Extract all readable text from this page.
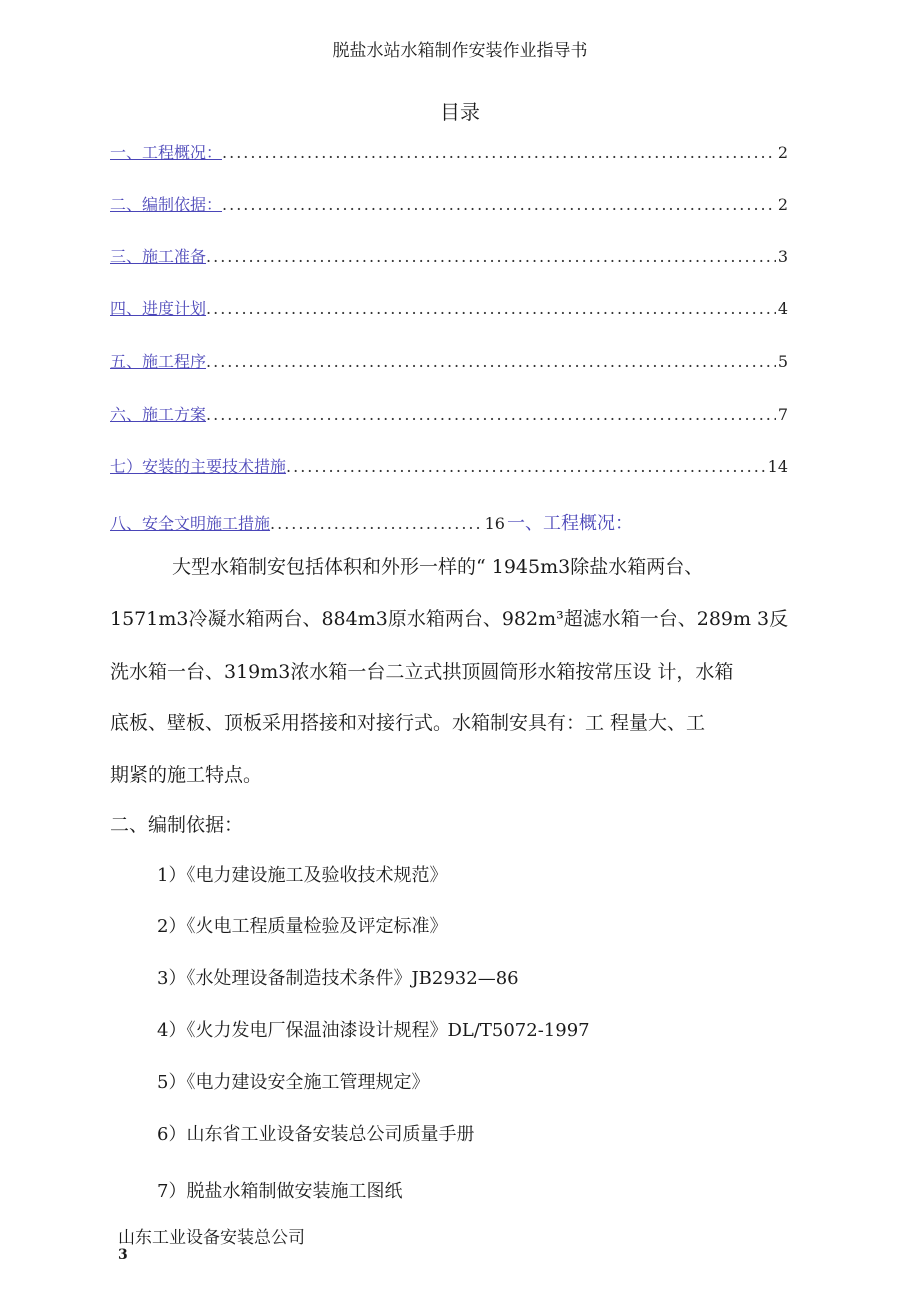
脱盐水站水箱制作安装作业指导书
目录
一、工程概况： .....	2
二、编制依据： .....	2
三、施工准备 .....	3
四、进度计划 .....	4
五、施工程序 .....	5
六、施工方案 .....	7
七）安装的主要技术措施 .....	14
八、安全文明施工措施 .............................. 16 一、工程概况：
大型水箱制安包括体积和外形一样的“ 1945m3除盐水箱两台、
1571m3冷凝水箱两台、884m3原水箱两台、982m³超滤水箱一台、289m 3反
洗水箱一台、319m3浓水箱一台二立式拱顶圆筒形水箱按常压设 计，水箱
底板、壁板、顶板采用搭接和对接行式。水箱制安具有：工 程量大、工
期紧的施工特点。
二、编制依据：
1）《电力建设施工及验收技术规范》
2）《火电工程质量检验及评定标准》
3）《水处理设备制造技术条件》JB2932—86
4）《火力发电厂保温油漆设计规程》DL/T5072-1997
5）《电力建设安全施工管理规定》
6）山东省工业设备安装总公司质量手册
7）脱盐水箱制做安装施工图纸
山东工业设备安装总公司
3
